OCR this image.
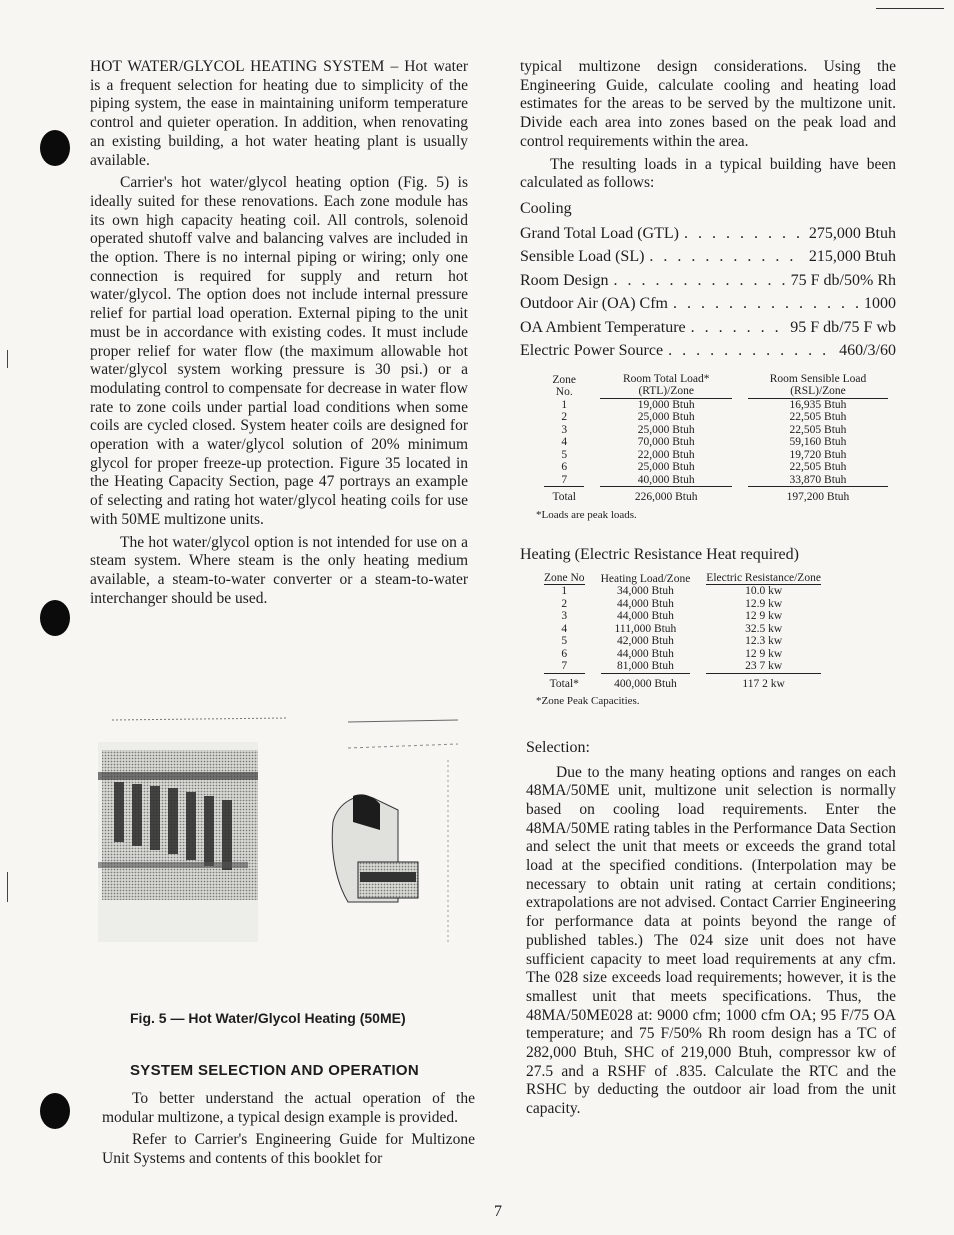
HOT WATER/GLYCOL HEATING SYSTEM – Hot water is a frequent selection for heating due to simplicity of the piping system, the ease in maintaining uniform temperature control and quieter operation. In addition, when renovating an existing building, a hot water heating plant is usually available.

Carrier's hot water/glycol heating option (Fig. 5) is ideally suited for these renovations. Each zone module has its own high capacity heating coil. All controls, solenoid operated shutoff valve and balancing valves are included in the option. There is no internal piping or wiring; only one connection is required for supply and return hot water/glycol. The option does not include internal pressure relief for partial load operation. External piping to the unit must be in accordance with existing codes. It must include proper relief for water flow (the maximum allowable hot water/glycol system working pressure is 30 psi.) or a modulating control to compensate for decrease in water flow rate to zone coils under partial load conditions when some coils are cycled closed. System heater coils are designed for operation with a water/glycol solution of 20% minimum glycol for proper freeze-up protection. Figure 35 located in the Heating Capacity Section, page 47 portrays an example of selecting and rating hot water/glycol heating coils for use with 50ME multizone units.

The hot water/glycol option is not intended for use on a steam system. Where steam is the only heating medium available, a steam-to-water converter or a steam-to-water interchanger should be used.

Fig. 5 — Hot Water/Glycol Heating (50ME)
SYSTEM SELECTION AND OPERATION

To better understand the actual operation of the modular multizone, a typical design example is provided.

Refer to Carrier's Engineering Guide for Multizone Unit Systems and contents of this booklet for

typical multizone design considerations. Using the Engineering Guide, calculate cooling and heating load estimates for the areas to be served by the multizone unit. Divide each area into zones based on the peak load and control requirements within the area.

The resulting loads in a typical building have been calculated as follows:

Cooling
Grand Total Load (GTL) . . .	275,000 Btuh
Sensible Load (SL) . . .	215,000 Btuh
Room Design . . .	75 F db/50% Rh
Outdoor Air (OA) Cfm . . .	1000
OA Ambient Temperature . . .	95 F db/75 F wb
Electric Power Source . . .	460/3/60
Zone No.	Room Total Load* (RTL)/Zone	Room Sensible Load (RSL)/Zone

1	19,000 Btuh	16,935 Btuh
2	25,000 Btuh	22,505 Btuh
3	25,000 Btuh	22,505 Btuh
4	70,000 Btuh	59,160 Btuh
5	22,000 Btuh	19,720 Btuh
6	25,000 Btuh	22,505 Btuh

7	40,000 Btuh	33,870 Btuh

Total	226,000 Btuh	197,200 Btuh
*Loads are peak loads.
Heating (Electric Resistance Heat required)
Zone No	Heating Load/Zone	Electric Resistance/Zone

1	34,000 Btuh	10.0 kw
2	44,000 Btuh	12.9 kw
3	44,000 Btuh	12 9 kw
4	111,000 Btuh	32.5 kw
5	42,000 Btuh	12.3 kw
6	44,000 Btuh	12 9 kw

7	81,000 Btuh	23 7 kw

Total*	400,000 Btuh	117 2 kw
*Zone Peak Capacities.
Selection:

Due to the many heating options and ranges on each 48MA/50ME unit, multizone unit selection is normally based on cooling load requirements. Enter the 48MA/50ME rating tables in the Performance Data Section and select the unit that meets or exceeds the grand total load at the specified conditions. (Interpolation may be necessary to obtain unit rating at certain conditions; extrapolations are not advised. Contact Carrier Engineering for performance data at points beyond the range of published tables.) The 024 size unit does not have sufficient capacity to meet load requirements at any cfm. The 028 size exceeds load requirements; however, it is the smallest unit that meets specifications. Thus, the 48MA/50ME028 at: 9000 cfm; 1000 cfm OA; 95 F/75 OA temperature; and 75 F/50% Rh room design has a TC of 282,000 Btuh, SHC of 219,000 Btuh, compressor kw of 27.5 and a RSHF of .835. Calculate the RTC and the RSHC by deducting the outdoor air load from the unit capacity.

7
